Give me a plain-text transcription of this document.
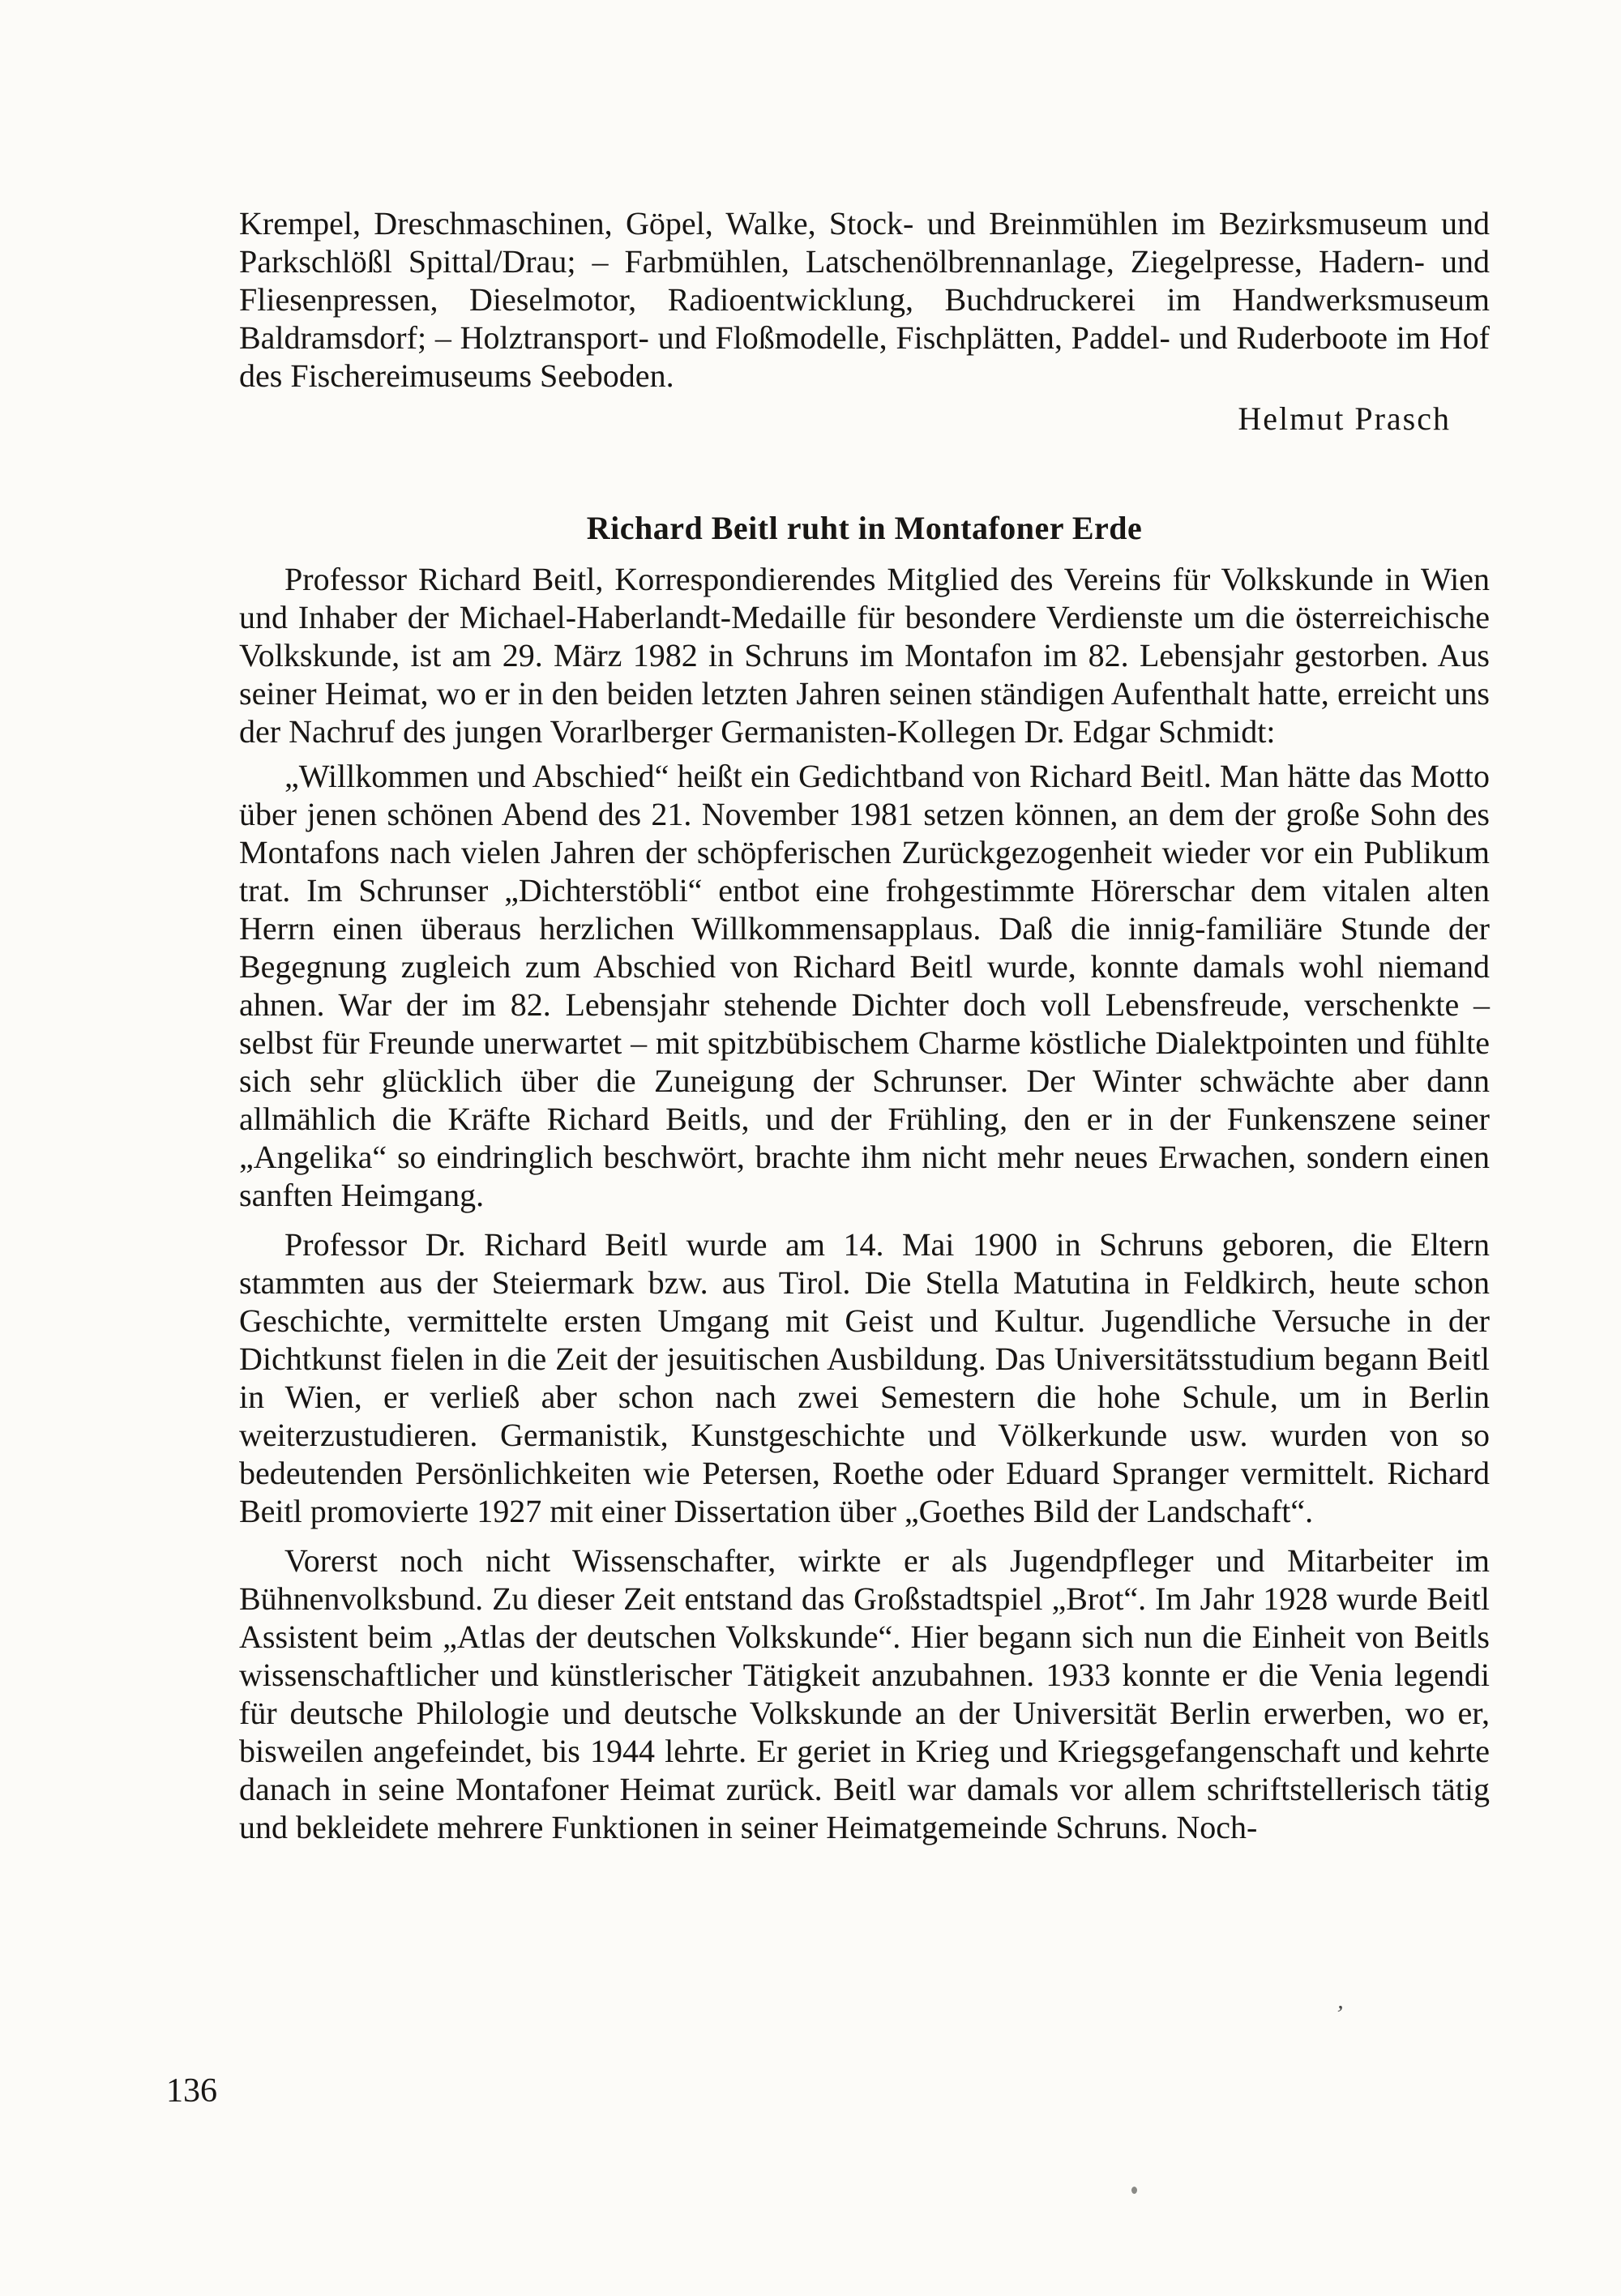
Krempel, Dreschmaschinen, Göpel, Walke, Stock- und Breinmühlen im Bezirksmuseum und Parkschlößl Spittal/Drau; – Farbmühlen, Latschenölbrennanlage, Ziegelpresse, Hadern- und Fliesenpressen, Dieselmotor, Radioentwicklung, Buchdruckerei im Handwerksmuseum Baldramsdorf; – Holztransport- und Floßmodelle, Fischplätten, Paddel- und Ruderboote im Hof des Fischereimuseums Seeboden.

Helmut Prasch

Richard Beitl ruht in Montafoner Erde

Professor Richard Beitl, Korrespondierendes Mitglied des Vereins für Volkskunde in Wien und Inhaber der Michael-Haberlandt-Medaille für besondere Verdienste um die österreichische Volkskunde, ist am 29. März 1982 in Schruns im Montafon im 82. Lebensjahr gestorben. Aus seiner Heimat, wo er in den beiden letzten Jahren seinen ständigen Aufenthalt hatte, erreicht uns der Nachruf des jungen Vorarlberger Germanisten-Kollegen Dr. Edgar Schmidt:

„Willkommen und Abschied“ heißt ein Gedichtband von Richard Beitl. Man hätte das Motto über jenen schönen Abend des 21. November 1981 setzen können, an dem der große Sohn des Montafons nach vielen Jahren der schöpferischen Zurückgezogenheit wieder vor ein Publikum trat. Im Schrunser „Dichterstöbli“ entbot eine frohgestimmte Hörerschar dem vitalen alten Herrn einen überaus herzlichen Willkommensapplaus. Daß die innig-familiäre Stunde der Begegnung zugleich zum Abschied von Richard Beitl wurde, konnte damals wohl niemand ahnen. War der im 82. Lebensjahr stehende Dichter doch voll Lebensfreude, verschenkte – selbst für Freunde unerwartet – mit spitzbübischem Charme köstliche Dialektpointen und fühlte sich sehr glücklich über die Zuneigung der Schrunser. Der Winter schwächte aber dann allmählich die Kräfte Richard Beitls, und der Frühling, den er in der Funkenszene seiner „Angelika“ so eindringlich beschwört, brachte ihm nicht mehr neues Erwachen, sondern einen sanften Heimgang.

Professor Dr. Richard Beitl wurde am 14. Mai 1900 in Schruns geboren, die Eltern stammten aus der Steiermark bzw. aus Tirol. Die Stella Matutina in Feldkirch, heute schon Geschichte, vermittelte ersten Umgang mit Geist und Kultur. Jugendliche Versuche in der Dichtkunst fielen in die Zeit der jesuitischen Ausbildung. Das Universitätsstudium begann Beitl in Wien, er verließ aber schon nach zwei Semestern die hohe Schule, um in Berlin weiterzustudieren. Germanistik, Kunstgeschichte und Völkerkunde usw. wurden von so bedeutenden Persönlichkeiten wie Petersen, Roethe oder Eduard Spranger vermittelt. Richard Beitl promovierte 1927 mit einer Dissertation über „Goethes Bild der Landschaft“.

Vorerst noch nicht Wissenschafter, wirkte er als Jugendpfleger und Mitarbeiter im Bühnenvolksbund. Zu dieser Zeit entstand das Großstadtspiel „Brot“. Im Jahr 1928 wurde Beitl Assistent beim „Atlas der deutschen Volkskunde“. Hier begann sich nun die Einheit von Beitls wissenschaftlicher und künstlerischer Tätigkeit anzubahnen. 1933 konnte er die Venia legendi für deutsche Philologie und deutsche Volkskunde an der Universität Berlin erwerben, wo er, bisweilen angefeindet, bis 1944 lehrte. Er geriet in Krieg und Kriegsgefangenschaft und kehrte danach in seine Montafoner Heimat zurück. Beitl war damals vor allem schriftstellerisch tätig und bekleidete mehrere Funktionen in seiner Heimatgemeinde Schruns. Noch-

136
‚
